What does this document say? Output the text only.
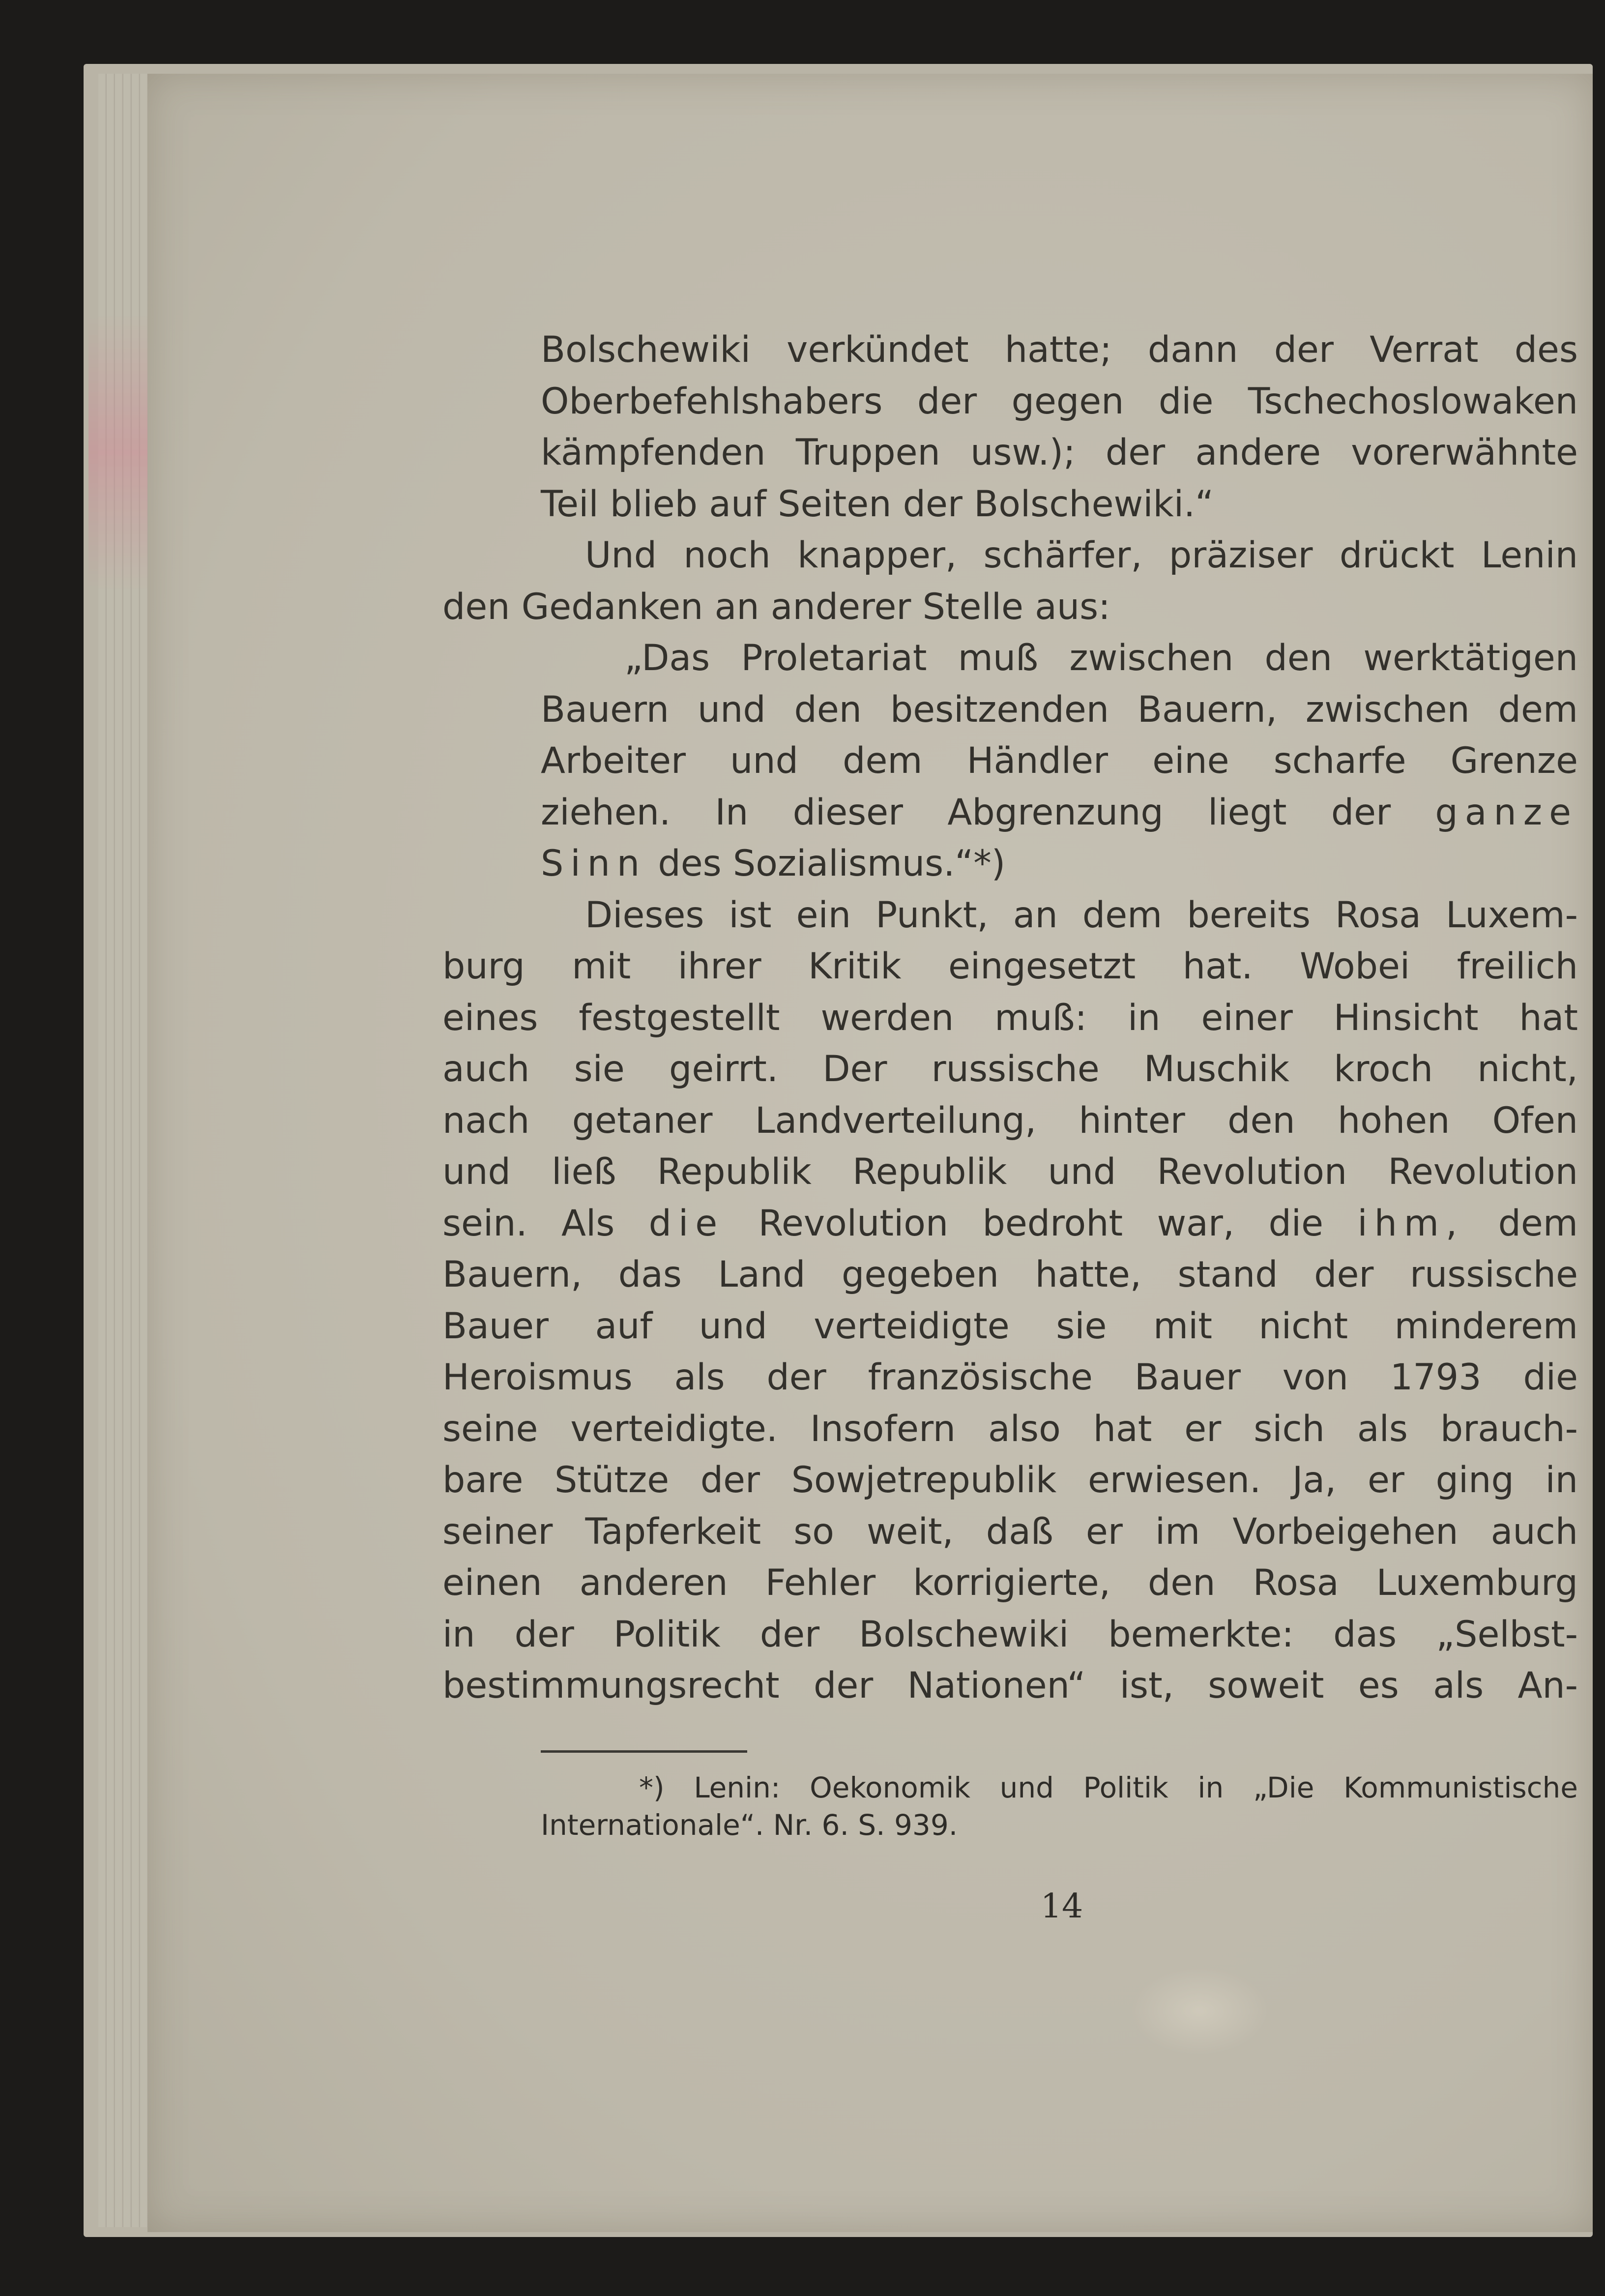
Bolschewiki verkündet hatte; dann der Verrat des
Oberbefehlshabers der gegen die Tschechoslowaken
kämpfenden Truppen usw.); der andere vorerwähnte
Teil blieb auf Seiten der Bolschewiki.“
Und noch knapper, schärfer, präziser drückt Lenin
den Gedanken an anderer Stelle aus:
„Das Proletariat muß zwischen den werktätigen
Bauern und den besitzenden Bauern, zwischen dem
Arbeiter und dem Händler eine scharfe Grenze
ziehen. In dieser Abgrenzung liegt der ganze
Sinn des Sozialismus.“*)
Dieses ist ein Punkt, an dem bereits Rosa Luxem-
burg mit ihrer Kritik eingesetzt hat. Wobei freilich
eines festgestellt werden muß: in einer Hinsicht hat
auch sie geirrt. Der russische Muschik kroch nicht,
nach getaner Landverteilung, hinter den hohen Ofen
und ließ Republik Republik und Revolution Revolution
sein. Als die Revolution bedroht war, die ihm, dem
Bauern, das Land gegeben hatte, stand der russische
Bauer auf und verteidigte sie mit nicht minderem
Heroismus als der französische Bauer von 1793 die
seine verteidigte. Insofern also hat er sich als brauch-
bare Stütze der Sowjetrepublik erwiesen. Ja, er ging in
seiner Tapferkeit so weit, daß er im Vorbeigehen auch
einen anderen Fehler korrigierte, den Rosa Luxemburg
in der Politik der Bolschewiki bemerkte: das „Selbst-
bestimmungsrecht der Nationen“ ist, soweit es als An-
*) Lenin: Oekonomik und Politik in „Die Kommunistische
Internationale“. Nr. 6. S. 939.
14
